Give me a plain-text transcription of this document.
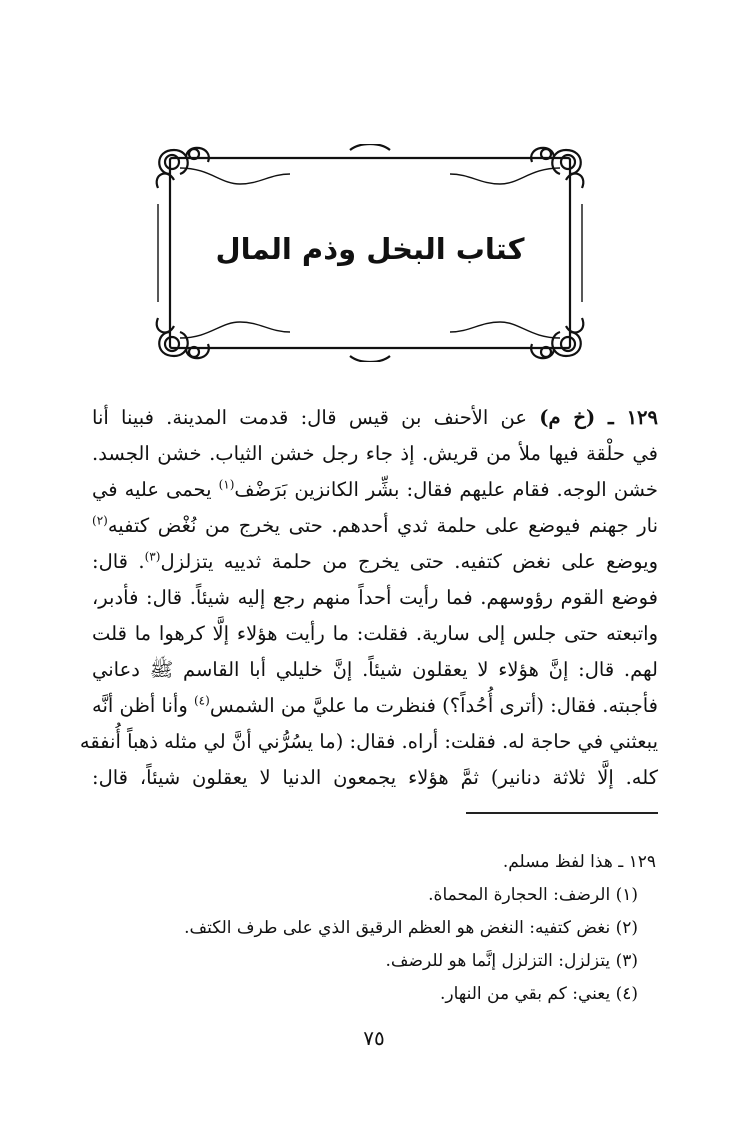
كتاب البخل وذم المال
١٢٩ ـ (خ م) عن الأحنف بن قيس قال: قدمت المدينة. فبينا أنا
في حلْقة فيها ملأ من قريش. إذ جاء رجل خشن الثياب. خشن الجسد.
خشن الوجه. فقام عليهم فقال: بشِّر الكانزين بَرَضْف$^{(١)}$ يحمى عليه في
نار جهنم فيوضع على حلمة ثدي أحدهم. حتى يخرج من نُغْض كتفيه$^{(٢)}$
ويوضع على نغض كتفيه. حتى يخرج من حلمة ثدييه يتزلزل$^{(٣)}$. قال:
فوضع القوم رؤوسهم. فما رأيت أحداً منهم رجع إليه شيئاً. قال: فأدبر،
واتبعته حتى جلس إلى سارية. فقلت: ما رأيت هؤلاء إلَّا كرهوا ما قلت
لهم. قال: إنَّ هؤلاء لا يعقلون شيئاً. إنَّ خليلي أبا القاسم ﷺ دعاني
فأجبته. فقال: (أترى أُحُداً؟) فنظرت ما عليَّ من الشمس$^{(٤)}$ وأنا أظن أنَّه
يبعثني في حاجة له. فقلت: أراه. فقال: (ما يسُرُّني أنَّ لي مثله ذهباً أُنفقه
كله. إلَّا ثلاثة دنانير) ثمَّ هؤلاء يجمعون الدنيا لا يعقلون شيئاً، قال:
١٢٩ ـ هذا لفظ مسلم.
(١) الرضف: الحجارة المحماة.
(٢) نغض كتفيه: النغض هو العظم الرقيق الذي على طرف الكتف.
(٣) يتزلزل: التزلزل إنَّما هو للرضف.
(٤) يعني: كم بقي من النهار.
٧٥
